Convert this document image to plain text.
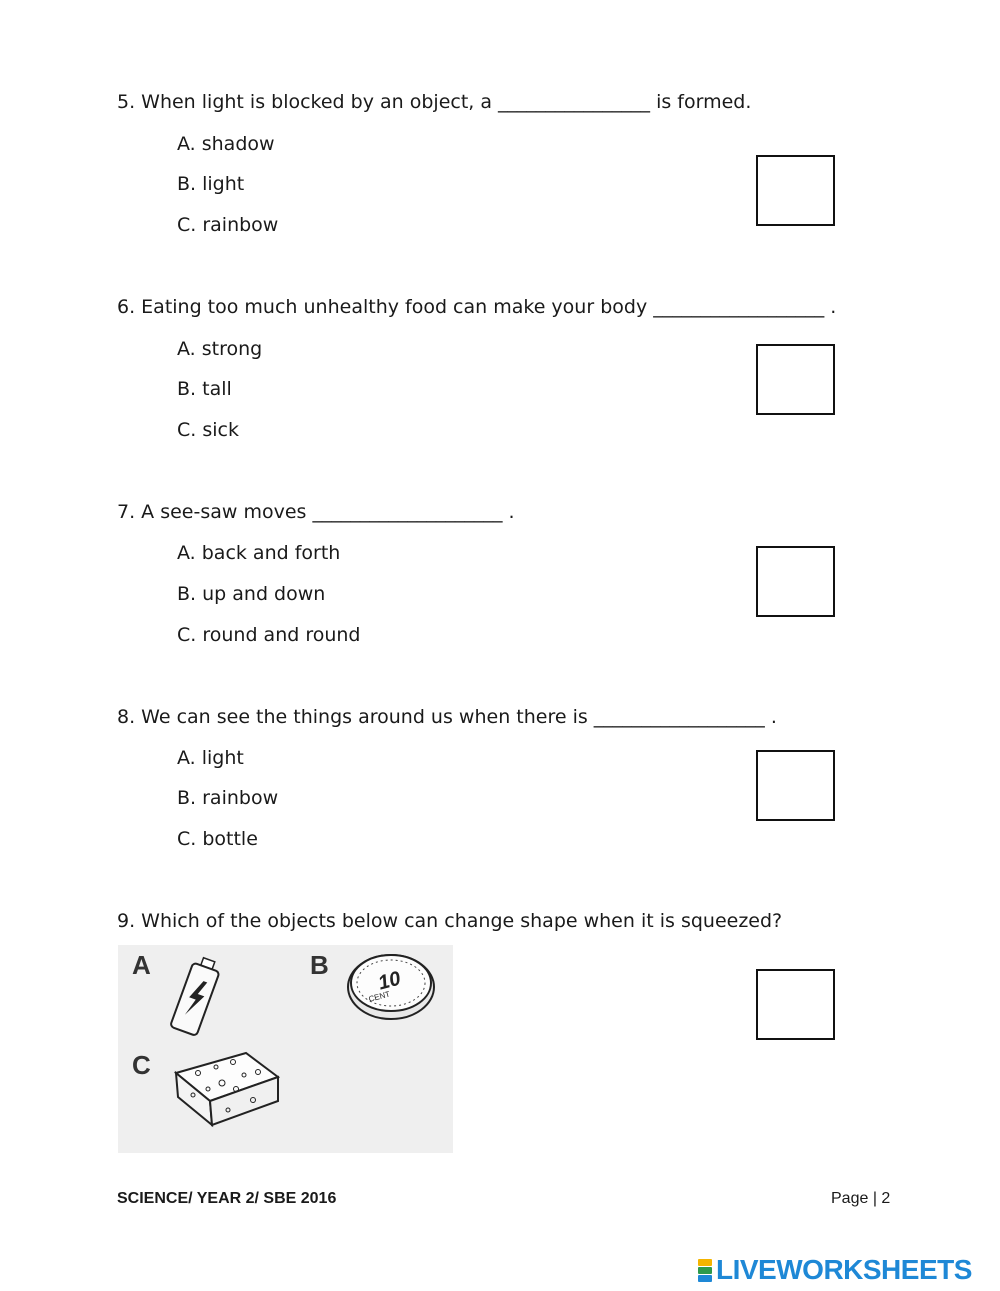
5. When light is blocked by an object, a ________________ is formed.
A. shadow
B. light
C. rainbow
6. Eating too much unhealthy food can make your body __________________ .
A. strong
B. tall
C. sick
7. A see-saw moves ____________________ .
A. back and forth
B. up and down
C. round and round
8. We can see the things around us when there is __________________ .
A. light
B. rainbow
C. bottle
9. Which of the objects below can change shape when it is squeezed?
A	B
C
10
CENT
SCIENCE/ YEAR 2/ SBE 2016	Page | 2
LIVEWORKSHEETS
